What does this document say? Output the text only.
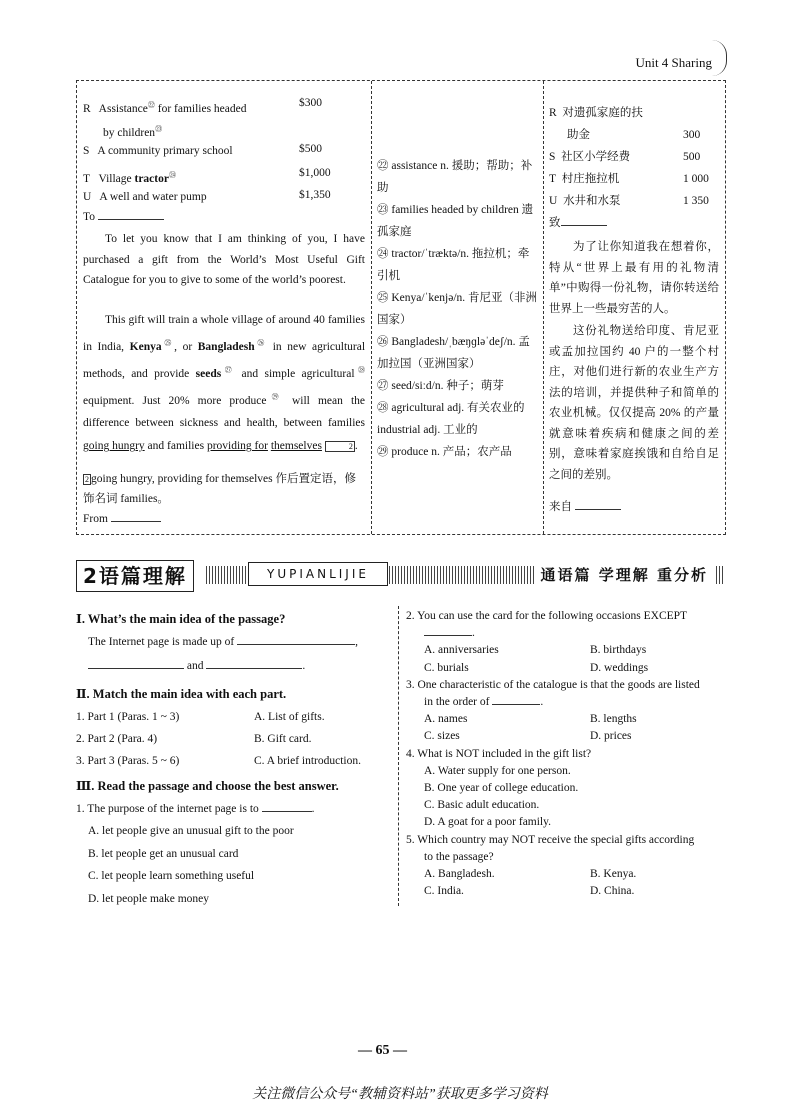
Unit 4 Sharing
R Assistance$^㉒$ for families headed	$300
by children$^㉓$
S A community primary school	$500
T Village tractor$^㉔$	$1,000
U A well and water pump	$1,350
To
To let you know that I am thinking of you, I have purchased a gift from the World’s Most Useful Gift Catalogue for you to give to some of the world’s poorest.
This gift will train a whole village of around 40 families in India, Kenya$^㉕$, or Bangladesh$^㉖$ in new agricultural methods, and provide seeds$^㉗$ and simple agricultural$^㉘$ equipment. Just 20% more produce$^㉙$ will mean the difference between sickness and health, between families going hungry and families providing for themselves	2 .
2 going hungry, providing for themselves 作后置定语，修饰名词 families。
From
㉒ assistance n. 援助；帮助；补助
㉓ families headed by children 遗孤家庭
㉔ tractor/ˈtræktə/n. 拖拉机；牵引机
㉕ Kenya/ˈkenjə/n. 肯尼亚（非洲国家）
㉖ Bangladesh/ˌbæŋɡləˈdeʃ/n. 孟加拉国（亚洲国家）
㉗ seed/siːd/n. 种子；萌芽
㉘ agricultural adj. 有关农业的 industrial adj. 工业的
㉙ produce n. 产品；农产品
R 对遗孤家庭的扶
助金	300
S 社区小学经费	500
T 村庄拖拉机	1 000
U 水井和水泵	1 350
致
为了让你知道我在想着你，特从“世界上最有用的礼物清单”中购得一份礼物，请你转送给世界上一些最穷苦的人。
这份礼物送给印度、肯尼亚或孟加拉国约 40 户的一整个村庄，对他们进行新的农业生产方法的培训，并提供种子和简单的农业机械。仅仅提高 20% 的产量就意味着疾病和健康之间的差别，意味着家庭挨饿和自给自足之间的差别。
来自
2语篇理解	YUPIANLIJIE	通语篇 学理解 重分析

Ⅰ. What’s the main idea of the passage?

The Internet page is made up of	,
and	.

Ⅱ. Match the main idea with each part.

1. Part 1 (Paras. 1 ~ 3)	A. List of gifts.
2. Part 2 (Para. 4)	B. Gift card.
3. Part 3 (Paras. 5 ~ 6)	C. A brief introduction.

Ⅲ. Read the passage and choose the best answer.

1. The purpose of the internet page is to	.
A. let people give an unusual gift to the poor
B. let people get an unusual card
C. let people learn something useful
D. let people make money
2. You can use the card for the following occasions EXCEPT
.
A. anniversaries	B. birthdays
C. burials	D. weddings
3. One characteristic of the catalogue is that the goods are listed
in the order of	.
A. names	B. lengths
C. sizes	D. prices
4. What is NOT included in the gift list?
A. Water supply for one person.
B. One year of college education.
C. Basic adult education.
D. A goat for a poor family.
5. Which country may NOT receive the special gifts according
to the passage?
A. Bangladesh.	B. Kenya.
C. India.	D. China.
— 65 —
关注微信公众号“教辅资料站”获取更多学习资料
